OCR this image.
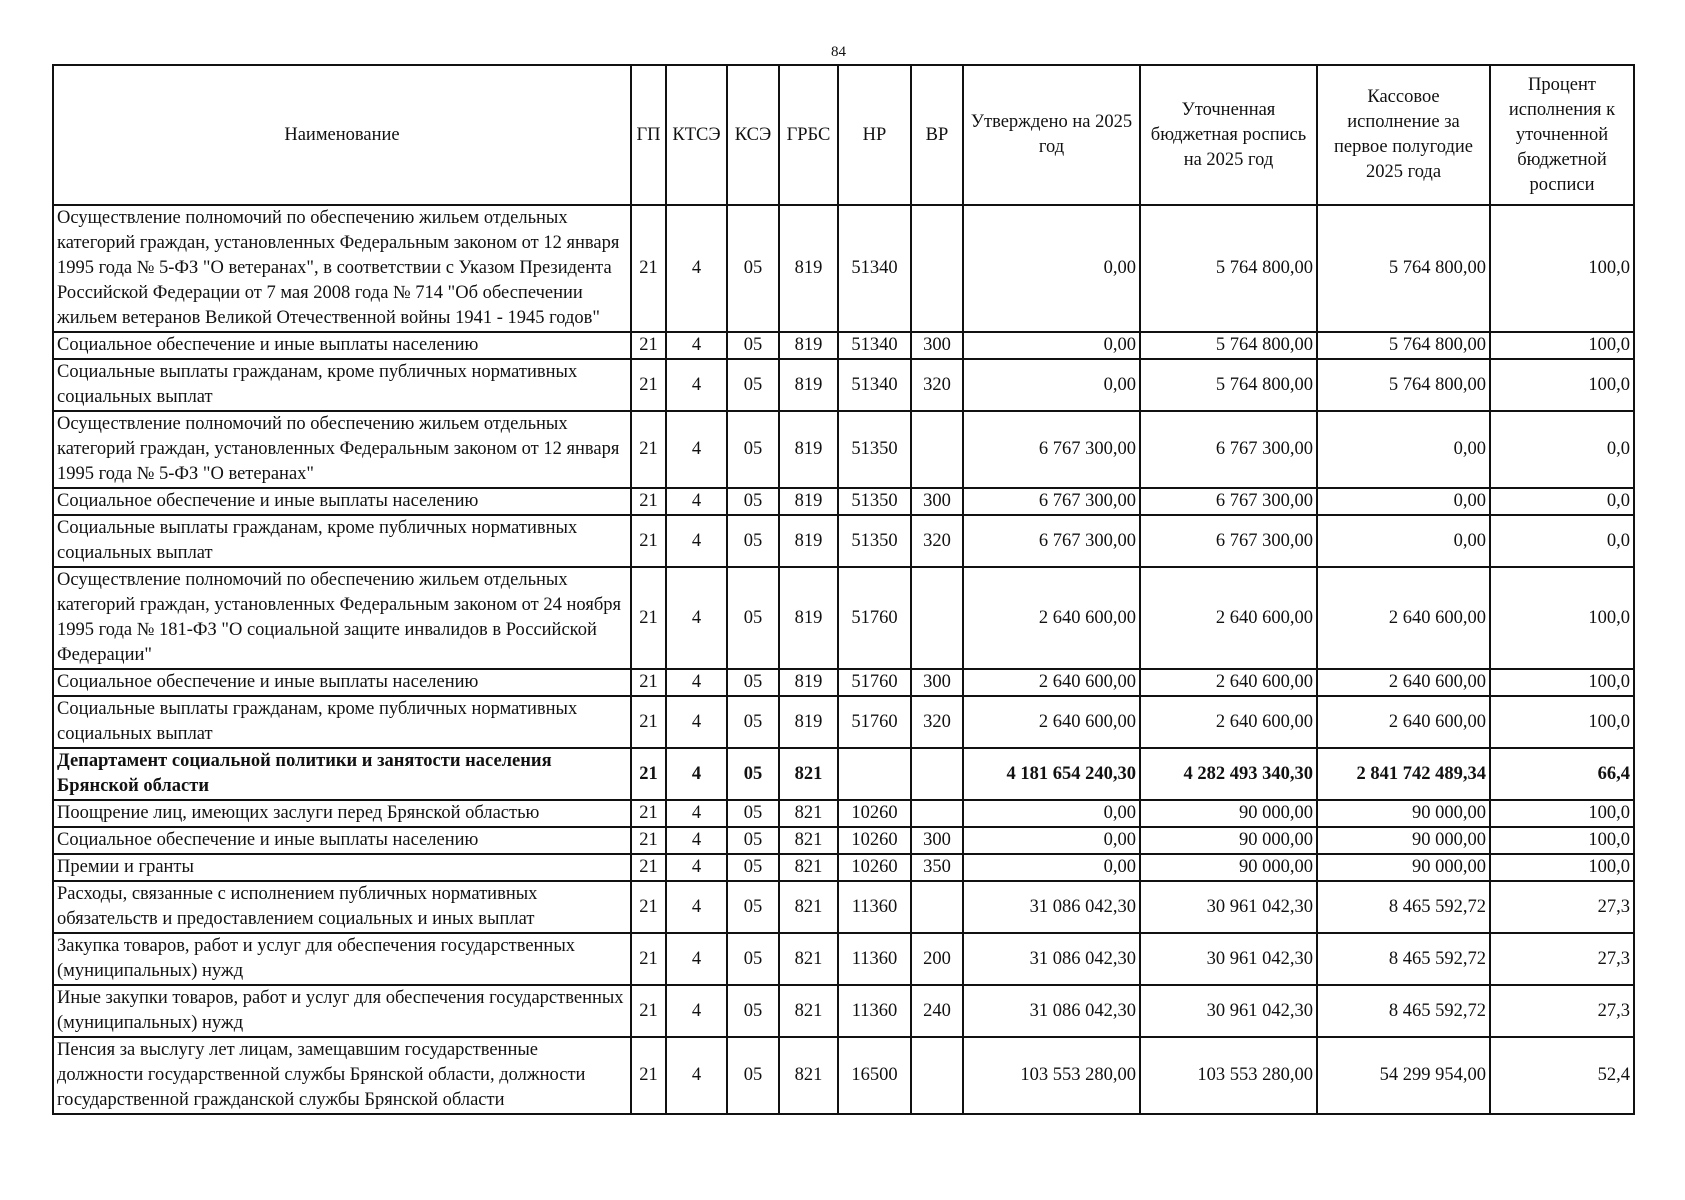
84
Наименование	ГП	КТСЭ	КСЭ	ГРБС	НР	ВР	Утверждено на 2025 год	Уточненная бюджетная роспись на 2025 год	Кассовое исполнение за первое полугодие 2025 года	Процент исполнения к уточненной бюджетной росписи
Осуществление полномочий по обеспечению жильем отдельных категорий граждан, установленных Федеральным законом от 12 января 1995 года № 5-ФЗ "О ветеранах", в соответствии с Указом Президента Российской Федерации от 7 мая 2008 года № 714 "Об обеспечении жильем ветеранов Великой Отечественной войны 1941 - 1945 годов"	21	4	05	819	51340		0,00	5 764 800,00	5 764 800,00	100,0
Социальное обеспечение и иные выплаты населению	21	4	05	819	51340	300	0,00	5 764 800,00	5 764 800,00	100,0
Социальные выплаты гражданам, кроме публичных нормативных социальных выплат	21	4	05	819	51340	320	0,00	5 764 800,00	5 764 800,00	100,0
Осуществление полномочий по обеспечению жильем отдельных категорий граждан, установленных Федеральным законом от 12 января 1995 года № 5-ФЗ "О ветеранах"	21	4	05	819	51350		6 767 300,00	6 767 300,00	0,00	0,0
Социальное обеспечение и иные выплаты населению	21	4	05	819	51350	300	6 767 300,00	6 767 300,00	0,00	0,0
Социальные выплаты гражданам, кроме публичных нормативных социальных выплат	21	4	05	819	51350	320	6 767 300,00	6 767 300,00	0,00	0,0
Осуществление полномочий по обеспечению жильем отдельных категорий граждан, установленных Федеральным законом от 24 ноября 1995 года № 181-ФЗ "О социальной защите инвалидов в Российской Федерации"	21	4	05	819	51760		2 640 600,00	2 640 600,00	2 640 600,00	100,0
Социальное обеспечение и иные выплаты населению	21	4	05	819	51760	300	2 640 600,00	2 640 600,00	2 640 600,00	100,0
Социальные выплаты гражданам, кроме публичных нормативных социальных выплат	21	4	05	819	51760	320	2 640 600,00	2 640 600,00	2 640 600,00	100,0
Департамент социальной политики и занятости населения Брянской области	21	4	05	821			4 181 654 240,30	4 282 493 340,30	2 841 742 489,34	66,4
Поощрение лиц, имеющих заслуги перед Брянской областью	21	4	05	821	10260		0,00	90 000,00	90 000,00	100,0
Социальное обеспечение и иные выплаты населению	21	4	05	821	10260	300	0,00	90 000,00	90 000,00	100,0
Премии и гранты	21	4	05	821	10260	350	0,00	90 000,00	90 000,00	100,0
Расходы, связанные с исполнением публичных нормативных обязательств и предоставлением социальных и иных выплат	21	4	05	821	11360		31 086 042,30	30 961 042,30	8 465 592,72	27,3
Закупка товаров, работ и услуг для обеспечения государственных (муниципальных) нужд	21	4	05	821	11360	200	31 086 042,30	30 961 042,30	8 465 592,72	27,3
Иные закупки товаров, работ и услуг для обеспечения государственных (муниципальных) нужд	21	4	05	821	11360	240	31 086 042,30	30 961 042,30	8 465 592,72	27,3
Пенсия за выслугу лет лицам, замещавшим государственные должности государственной службы Брянской области, должности государственной гражданской службы Брянской области	21	4	05	821	16500		103 553 280,00	103 553 280,00	54 299 954,00	52,4
